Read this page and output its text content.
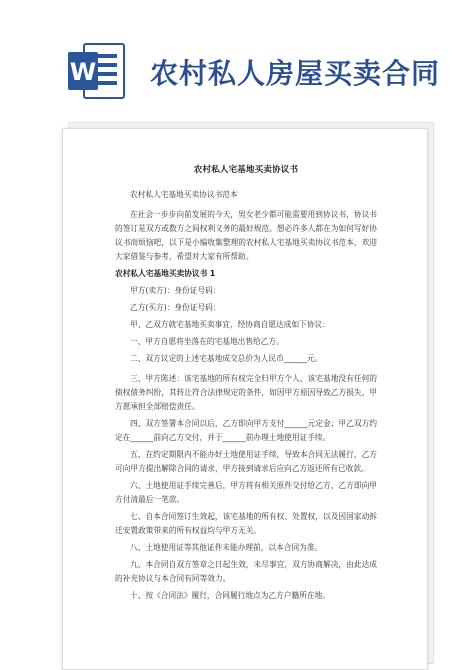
W 农村私人房屋买卖合同
农村私人宅基地买卖协议书

农村私人宅基地买卖协议书范本

在社会一步步向前发展的今天，男女老少都可能需要用到协议书，协议书的签订是双方或数方之间权利义务的最好规范。想必许多人都在为如何写好协议书而烦恼吧，以下是小编收集整理的农村私人宅基地买卖协议书范本，欢迎大家借鉴与参考，希望对大家有所帮助。

农村私人宅基地买卖协议书 1

甲方(卖方)：身份证号码：

乙方(买方)：身份证号码：

甲、乙双方就宅基地买卖事宜，经协商自愿达成如下协议：

一、甲方自愿将坐落在的宅基地出售给乙方。

二、双方议定的上述宅基地成交总价为人民币______元。

三、甲方陈述：该宅基地的所有权完全归甲方个人，该宅基地没有任何的债权债务纠纷，其转让符合法律规定的条件，如因甲方原因导致乙方损失，甲方愿承担全部赔偿责任。

四、双方签署本合同以后，乙方即向甲方支付______元定金；甲乙双方约定在______前向乙方交付，并于______前办理土地使用证手续。

五、在约定期限内不能办好土地使用证手续，导致本合同无法履行，乙方可向甲方提出解除合同的请求，甲方接到请求后应向乙方返还所有已收款。

六、土地使用证手续完善后，甲方将有相关原件交付给乙方，乙方即向甲方付清最后一笔款。

七、自本合同签订生效起，该宅基地的所有权、处置权，以及因国家动拆迁安置政策带来的所有权益均与甲方无关。

八、土地使用证等其他证件未能办理前，以本合同为准。

九、本合同自双方签章之日起生效，未尽事宜，双方协商解决，由此达成的补充协议与本合同有同等效力。

十、按《合同法》履行，合同履行地点为乙方户籍所在地。
